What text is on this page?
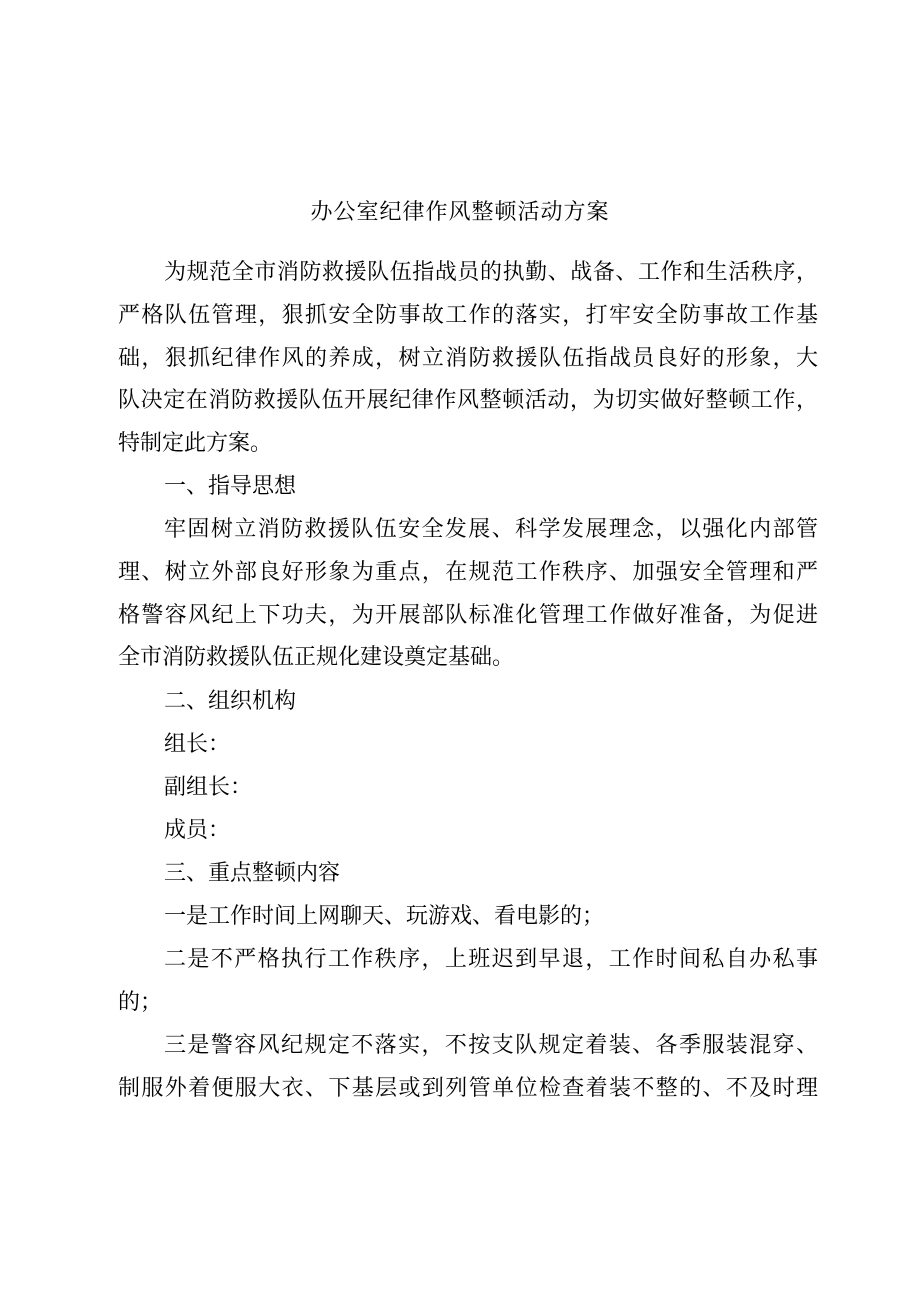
办公室纪律作风整顿活动方案
为规范全市消防救援队伍指战员的执勤、战备、工作和生活秩序，
严格队伍管理，狠抓安全防事故工作的落实，打牢安全防事故工作基
础，狠抓纪律作风的养成，树立消防救援队伍指战员良好的形象，大
队决定在消防救援队伍开展纪律作风整顿活动，为切实做好整顿工作，
特制定此方案。
一、指导思想
牢固树立消防救援队伍安全发展、科学发展理念，以强化内部管
理、树立外部良好形象为重点，在规范工作秩序、加强安全管理和严
格警容风纪上下功夫，为开展部队标准化管理工作做好准备，为促进
全市消防救援队伍正规化建设奠定基础。
二、组织机构
组长：
副组长：
成员：
三、重点整顿内容
一是工作时间上网聊天、玩游戏、看电影的；
二是不严格执行工作秩序，上班迟到早退，工作时间私自办私事
的；
三是警容风纪规定不落实，不按支队规定着装、各季服装混穿、
制服外着便服大衣、下基层或到列管单位检查着装不整的、不及时理
